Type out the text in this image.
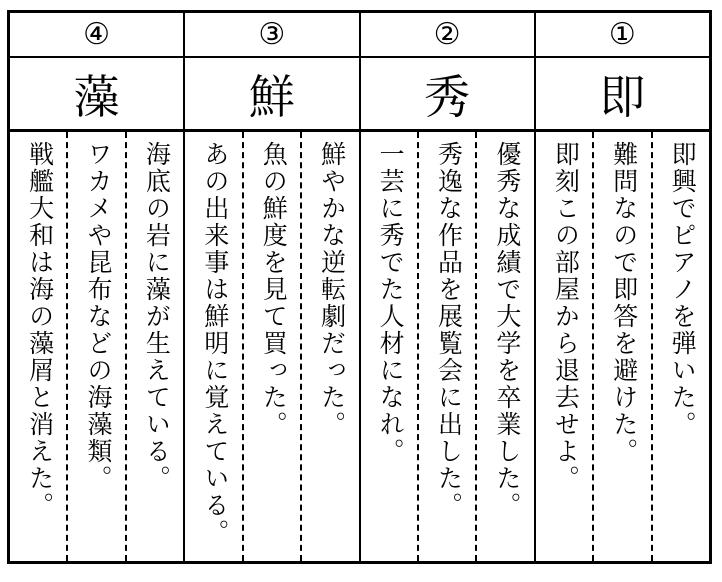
④
藻
戦艦大和は海の藻屑と消えた。 ワカメや昆布などの海藻類。 海底の岩に藻が生えている。
③
鮮
あの出来事は鮮明に覚えている。 魚の鮮度を見て買った。 鮮やかな逆転劇だった。
②
秀
一芸に秀でた人材になれ。 秀逸な作品を展覧会に出した。 優秀な成績で大学を卒業した。
①
即
即刻この部屋から退去せよ。 難問なので即答を避けた。 即興でピアノを弾いた。
